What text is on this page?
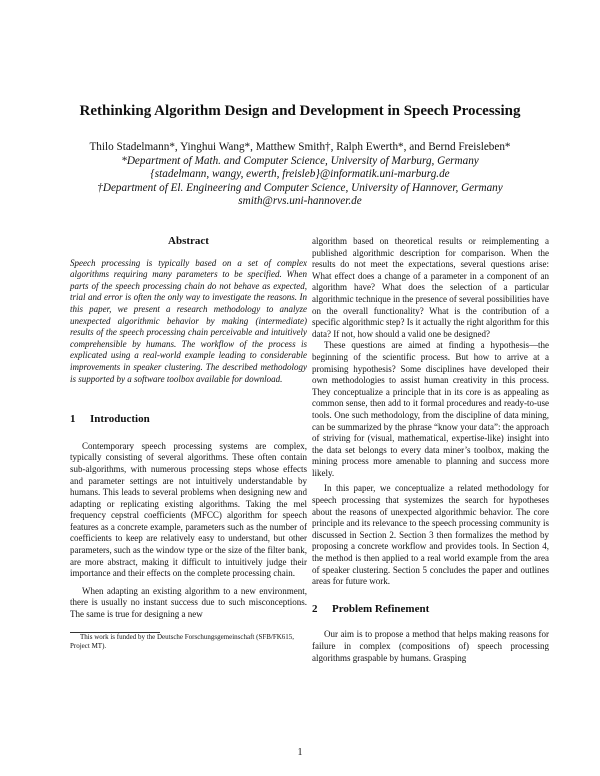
Rethinking Algorithm Design and Development in Speech Processing
Thilo Stadelmann*, Yinghui Wang*, Matthew Smith†, Ralph Ewerth*, and Bernd Freisleben*
*Department of Math. and Computer Science, University of Marburg, Germany
{stadelmann, wangy, ewerth, freisleb}@informatik.uni-marburg.de
†Department of El. Engineering and Computer Science, University of Hannover, Germany
smith@rvs.uni-hannover.de
Abstract

Speech processing is typically based on a set of complex algorithms requiring many parameters to be specified. When parts of the speech processing chain do not behave as expected, trial and error is often the only way to investigate the reasons. In this paper, we present a research methodology to analyze unexpected algorithmic behavior by making (intermediate) results of the speech processing chain perceivable and intuitively comprehensible by humans. The workflow of the process is explicated using a real-world example leading to considerable improvements in speaker clustering. The described methodology is supported by a software toolbox available for download.

1 Introduction

Contemporary speech processing systems are complex, typically consisting of several algorithms. These often contain sub-algorithms, with numerous processing steps whose effects and parameter settings are not intuitively understandable by humans. This leads to several problems when designing new and adapting or replicating existing algorithms. Taking the mel frequency cepstral coefficients (MFCC) algorithm for speech features as a concrete example, parameters such as the number of coefficients to keep are relatively easy to understand, but other parameters, such as the window type or the size of the filter bank, are more abstract, making it difficult to intuitively judge their importance and their effects on the complete processing chain.

When adapting an existing algorithm to a new environment, there is usually no instant success due to such misconceptions. The same is true for designing a new

This work is funded by the Deutsche Forschungsgemeinschaft (SFB/FK615, Project MT).

algorithm based on theoretical results or reimplementing a published algorithmic description for comparison. When the results do not meet the expectations, several questions arise: What effect does a change of a parameter in a component of an algorithm have? What does the selection of a particular algorithmic technique in the presence of several possibilities have on the overall functionality? What is the contribution of a specific algorithmic step? Is it actually the right algorithm for this data? If not, how should a valid one be designed?

These questions are aimed at finding a hypothesis—the beginning of the scientific process. But how to arrive at a promising hypothesis? Some disciplines have developed their own methodologies to assist human creativity in this process. They conceptualize a principle that in its core is as appealing as common sense, then add to it formal procedures and ready-to-use tools. One such methodology, from the discipline of data mining, can be summarized by the phrase “know your data”: the approach of striving for (visual, mathematical, expertise-like) insight into the data set belongs to every data miner’s toolbox, making the mining process more amenable to planning and success more likely.

In this paper, we conceptualize a related methodology for speech processing that systemizes the search for hypotheses about the reasons of unexpected algorithmic behavior. The core principle and its relevance to the speech processing community is discussed in Section 2. Section 3 then formalizes the method by proposing a concrete workflow and provides tools. In Section 4, the method is then applied to a real world example from the area of speaker clustering. Section 5 concludes the paper and outlines areas for future work.

2 Problem Refinement

Our aim is to propose a method that helps making reasons for failure in complex (compositions of) speech processing algorithms graspable by humans. Grasping

1
